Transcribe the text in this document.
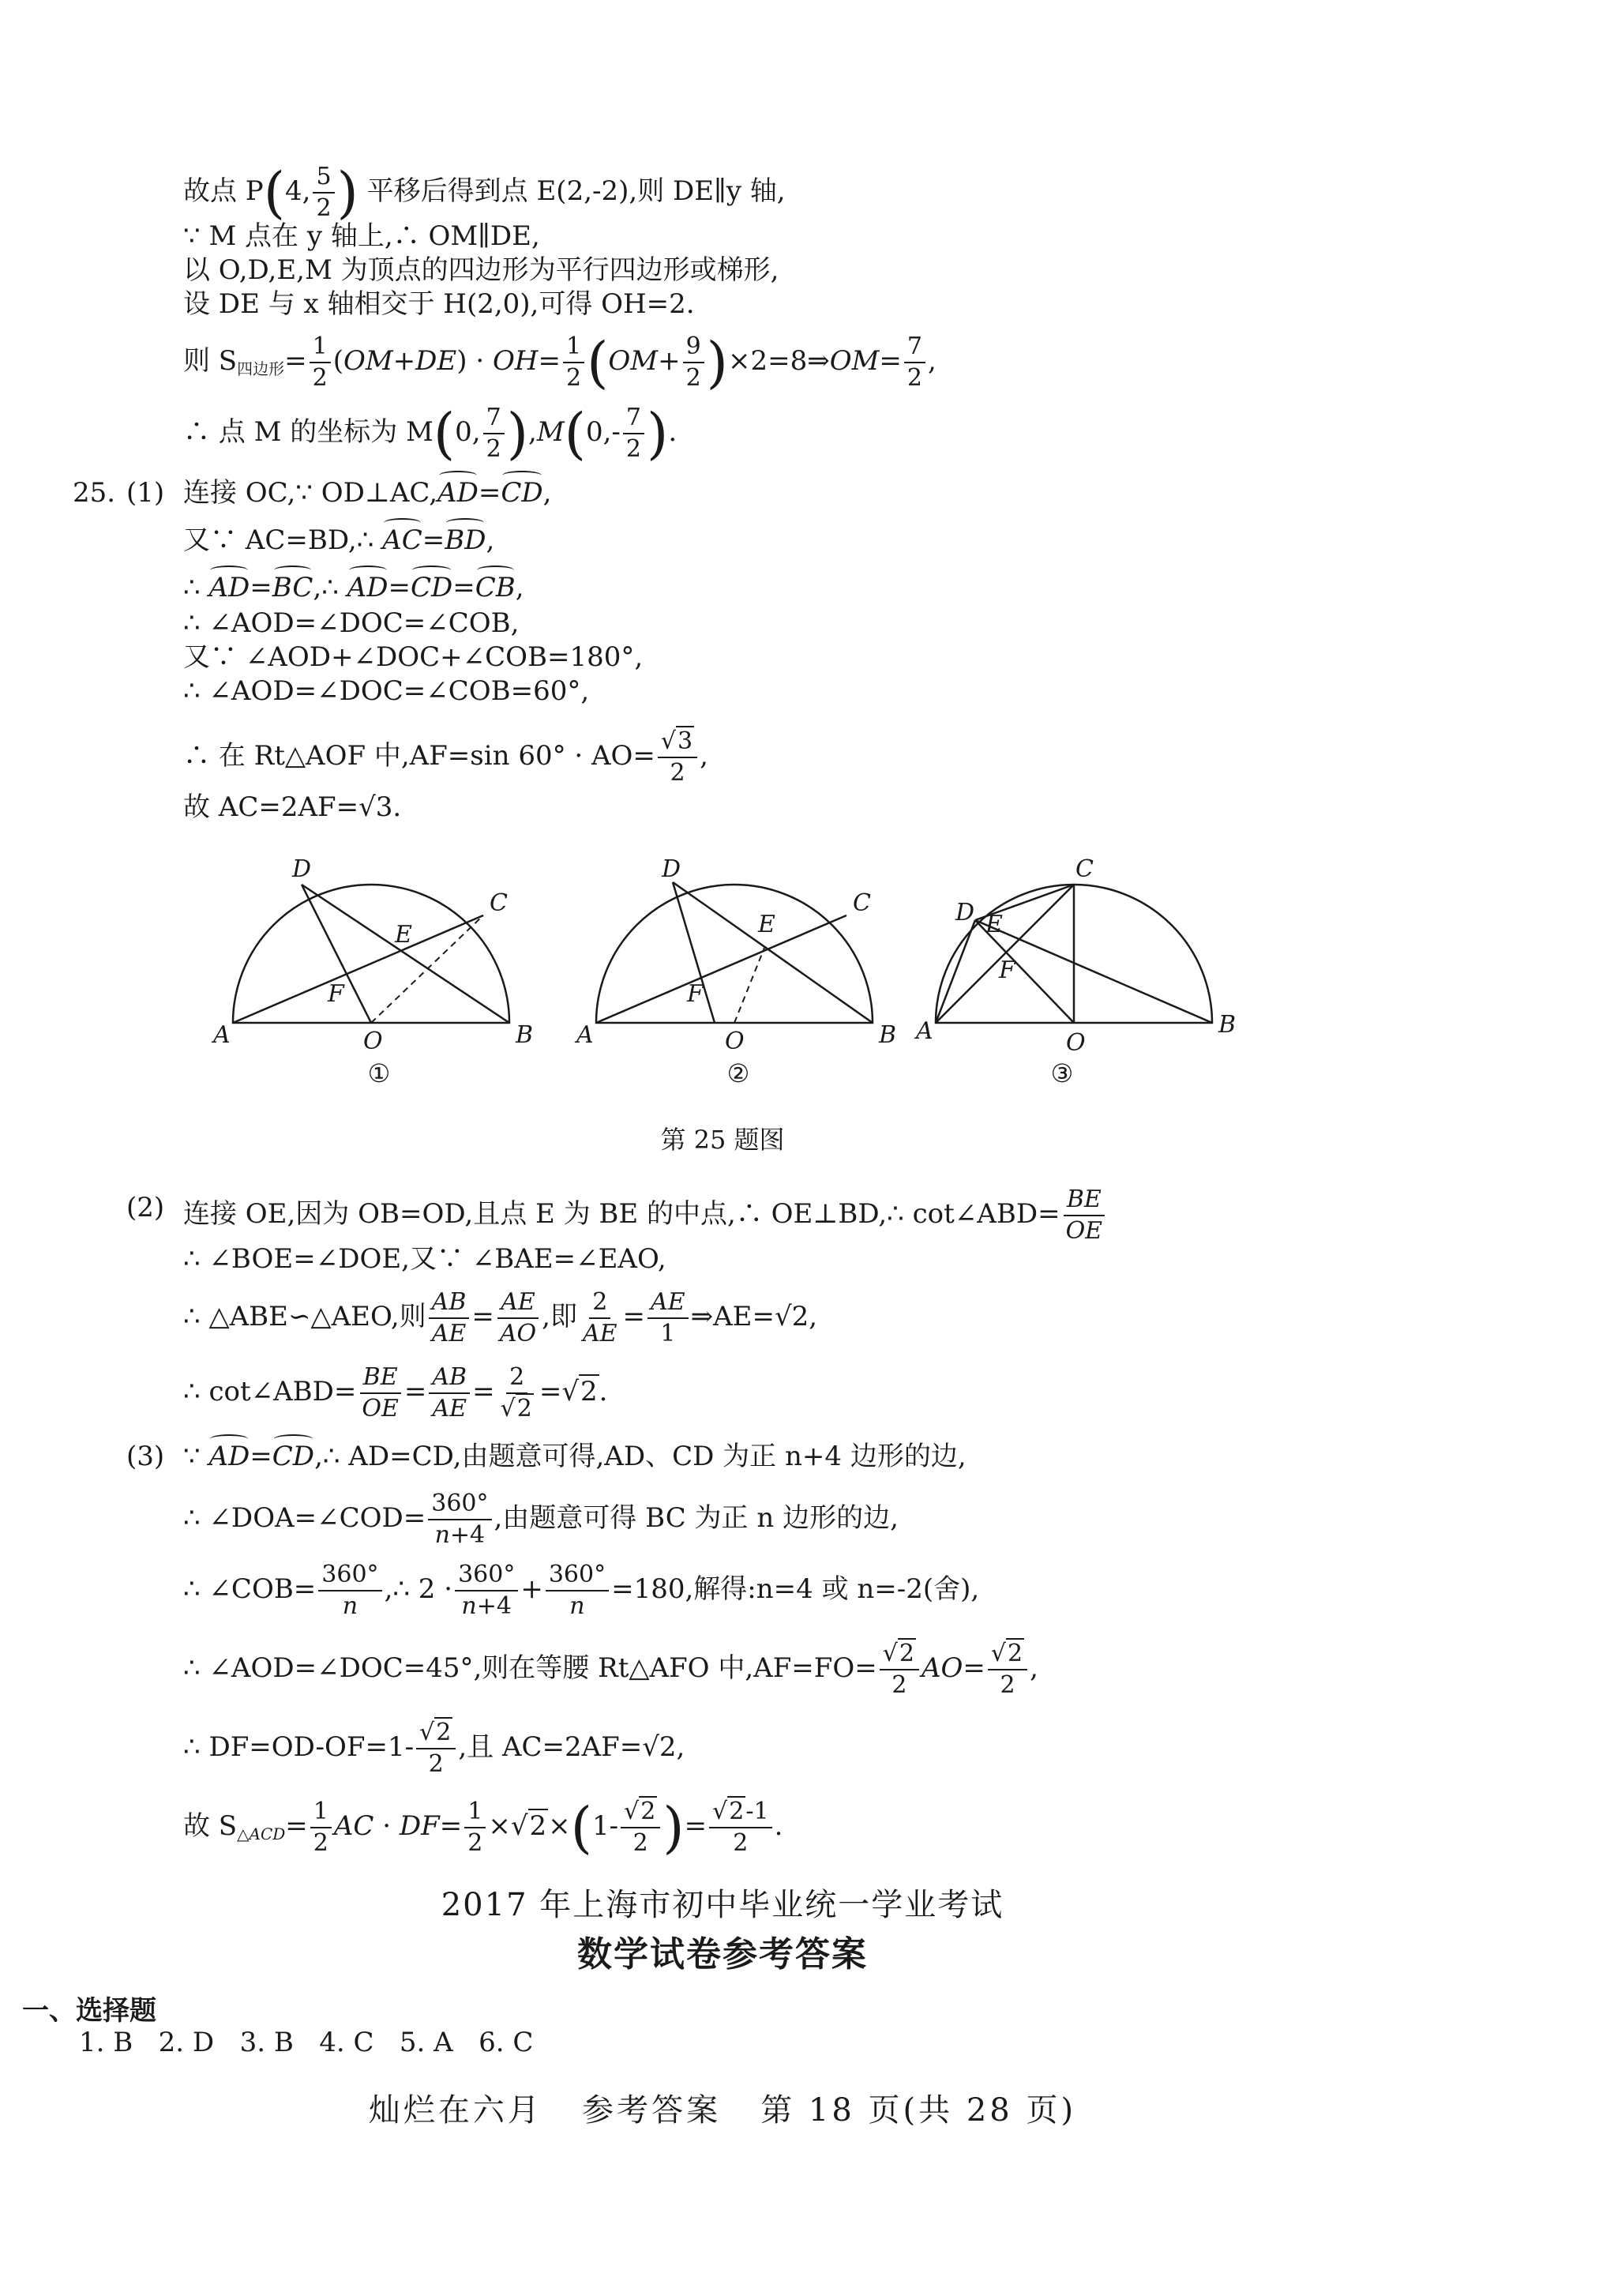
故点 P(4, $\frac{5}{2}$ ) 平移后得到点 E(2,-2),则 DE∥y 轴,
∵ M 点在 y 轴上,∴ OM∥DE,
以 O,D,E,M 为顶点的四边形为平行四边形或梯形,
设 DE 与 x 轴相交于 H(2,0),可得 OH=2.
则 $S_{四边形}= \frac{1}{2} (OM+DE) \cdot OH= \frac{1}{2} (OM+ \frac{9}{2}$ )×2=8⇒OM= $\frac{7}{2}$ ,
∴ 点 M 的坐标为 M(0, $\frac{7}{2} ),M(0,- \frac{7}{2}$ ).
25. (1) 连接 OC,∵ OD⊥AC,AD=CD,
又∵ AC=BD,∴ AC=BD,
∴ AD=BC,∴ AD=CD=CB,
∴ ∠AOD=∠DOC=∠COB,
又∵ ∠AOD+∠DOC+∠COB=180°,
∴ ∠AOD=∠DOC=∠COB=60°,
∴ 在 Rt△AOF 中,AF=sin $60^\circ \cdot AO= \frac{√3}{2}$ ,
故 AC=2AF=√3.
A	B
O
D
C
E
F
A	B
O
D
C
E
F
A	B
O
D
C
E
F
①	②	③
第 25 题图
(2) 连接 OE,因为 OB=OD,且点 E 为 BE 的中点,∴ OE⊥BD,∴ cot∠ABD= $\frac{BE}{OE}$
∴ ∠BOE=∠DOE,又∵ ∠BAE=∠EAO,
∴ △ABE∽△AEO,则 $\frac{AB}{AE} = \frac{AE}{AO}$ ,即 $\frac{2}{AE} = \frac{AE}{1}$ ⇒AE=√2,
∴ cot∠ABD= $\frac{BE}{OE} = \frac{AB}{AE} = \frac{2}{√2} =√2$.
(3) ∵ AD=CD,∴ AD=CD,由题意可得,AD、CD 为正 n+4 边形的边,
∴ ∠DOA=∠COD= $\frac{360^\circ}{n+4}$ ,由题意可得 BC 为正 n 边形的边,
∴ ∠COB= $\frac{360^\circ}{n}$ ,∴ $2 \cdot \frac{360^\circ}{n+4} + \frac{360^\circ}{n} =180$,解得:n=4 或 n=-2(舍),
∴ ∠AOD=∠DOC=45°,则在等腰 Rt△AFO 中$,AF=FO= \frac{√2}{2} AO= \frac{√2}{2}$ ,
∴ $DF=OD-OF=1- \frac{√2}{2}$ ,且 AC=2AF=√2,
故 $S_{\triangle ACD}= \frac{1}{2}$ AC · $DF= \frac{1}{2} \times√2\times(1- \frac{√2}{2}$ )= $\frac{√2-1}{2}$ .
2017 年上海市初中毕业统一学业考试
数学试卷参考答案
一、选择题
1. B   2. D   3. B   4. C   5. A   6. C
灿烂在六月   参考答案   第 18 页(共 28 页)
